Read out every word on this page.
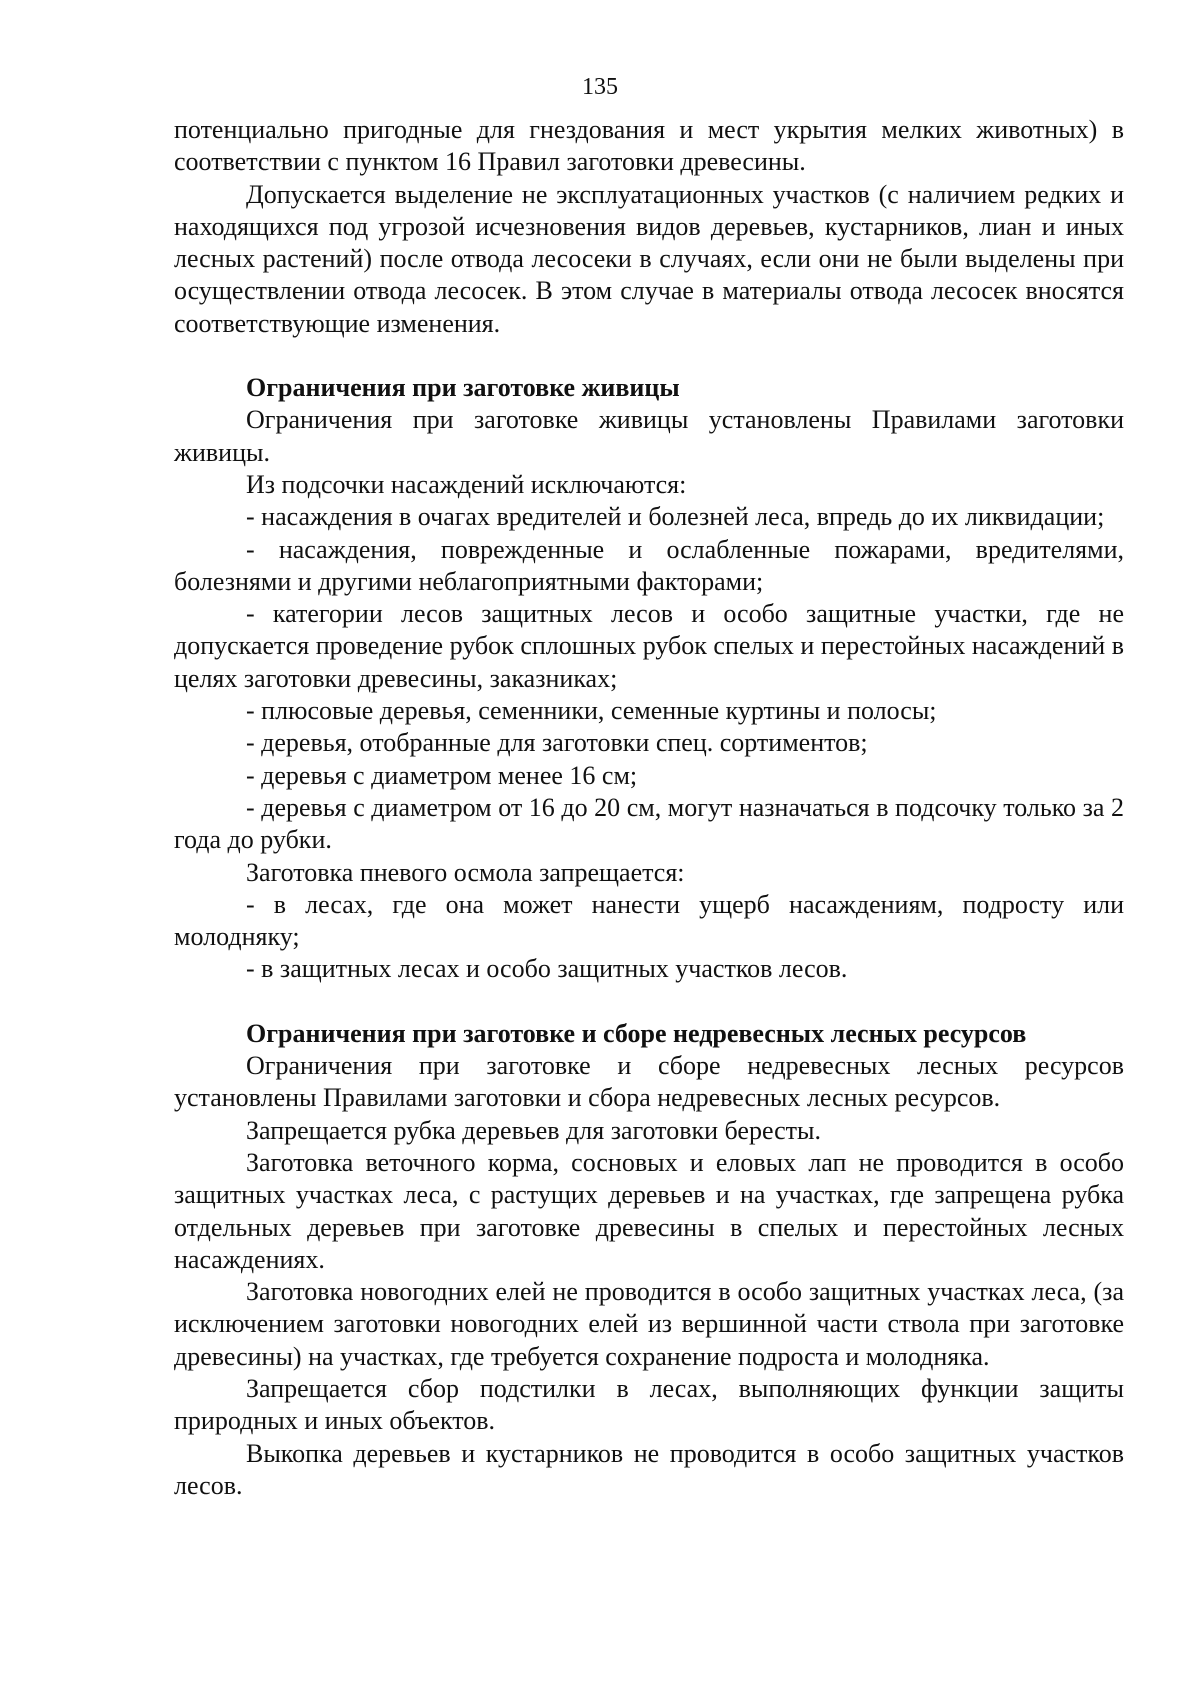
135

потенциально пригодные для гнездования и мест укрытия мелких животных) в соответствии с пунктом 16 Правил заготовки древесины.

Допускается выделение не эксплуатационных участков (с наличием редких и находящихся под угрозой исчезновения видов деревьев, кустарников, лиан и иных лесных растений) после отвода лесосеки в случаях, если они не были выделены при осуществлении отвода лесосек. В этом случае в материалы отвода лесосек вносятся соответствующие изменения.

Ограничения при заготовке живицы

Ограничения при заготовке живицы установлены Правилами заготовки живицы.

Из подсочки насаждений исключаются:

- насаждения в очагах вредителей и болезней леса, впредь до их ликвидации;

- насаждения, поврежденные и ослабленные пожарами, вредителями, болезнями и другими неблагоприятными факторами;

- категории лесов защитных лесов и особо защитные участки, где не допускается проведение рубок сплошных рубок спелых и перестойных насаждений в целях заготовки древесины, заказниках;

- плюсовые деревья, семенники, семенные куртины и полосы;

- деревья, отобранные для заготовки спец. сортиментов;

- деревья с диаметром менее 16 см;

- деревья с диаметром от 16 до 20 см, могут назначаться в подсочку только за 2 года до рубки.

Заготовка пневого осмола запрещается:

- в лесах, где она может нанести ущерб насаждениям, подросту или молодняку;

- в защитных лесах и особо защитных участков лесов.

Ограничения при заготовке и сборе недревесных лесных ресурсов

Ограничения при заготовке и сборе недревесных лесных ресурсов установлены Правилами заготовки и сбора недревесных лесных ресурсов.

Запрещается рубка деревьев для заготовки бересты.

Заготовка веточного корма, сосновых и еловых лап не проводится в особо защитных участках леса, с растущих деревьев и на участках, где запрещена рубка отдельных деревьев при заготовке древесины в спелых и перестойных лесных насаждениях.

Заготовка новогодних елей не проводится в особо защитных участках леса, (за исключением заготовки новогодних елей из вершинной части ствола при заготовке древесины) на участках, где требуется сохранение подроста и молодняка.

Запрещается сбор подстилки в лесах, выполняющих функции защиты природных и иных объектов.

Выкопка деревьев и кустарников не проводится в особо защитных участков лесов.
